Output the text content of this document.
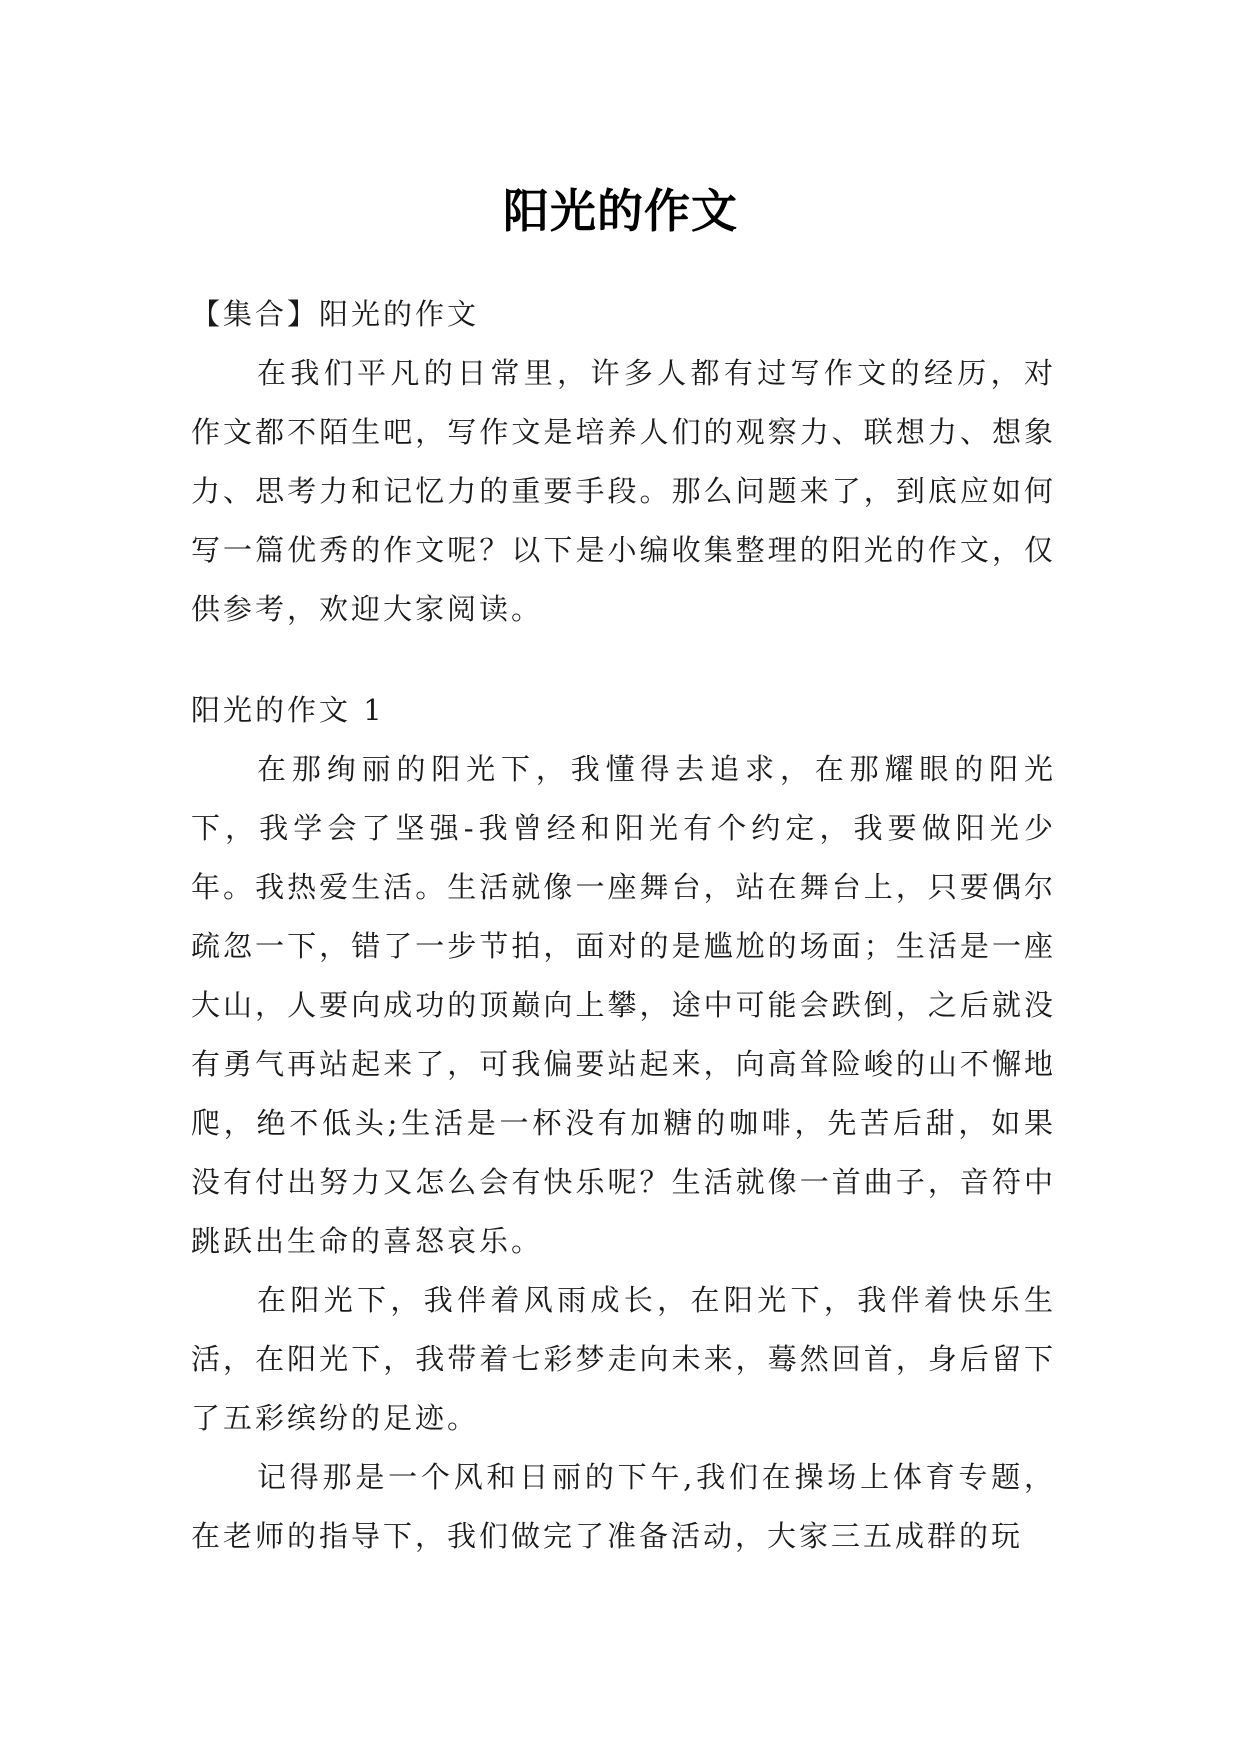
阳光的作文

【集合】阳光的作文

在我们平凡的日常里，许多人都有过写作文的经历，对作文都不陌生吧，写作文是培养人们的观察力、联想力、想象力、思考力和记忆力的重要手段。那么问题来了，到底应如何写一篇优秀的作文呢？以下是小编收集整理的阳光的作文，仅供参考，欢迎大家阅读。

阳光的作文 1

在那绚丽的阳光下，我懂得去追求，在那耀眼的阳光下，我学会了坚强-我曾经和阳光有个约定，我要做阳光少年。我热爱生活。生活就像一座舞台，站在舞台上，只要偶尔疏忽一下，错了一步节拍，面对的是尴尬的场面；生活是一座大山，人要向成功的顶巅向上攀，途中可能会跌倒，之后就没有勇气再站起来了，可我偏要站起来，向高耸险峻的山不懈地爬，绝不低头;生活是一杯没有加糖的咖啡，先苦后甜，如果没有付出努力又怎么会有快乐呢？生活就像一首曲子，音符中跳跃出生命的喜怒哀乐。

在阳光下，我伴着风雨成长，在阳光下，我伴着快乐生活，在阳光下，我带着七彩梦走向未来，蓦然回首，身后留下了五彩缤纷的足迹。

记得那是一个风和日丽的下午,我们在操场上体育专题，在老师的指导下，我们做完了准备活动，大家三五成群的玩
